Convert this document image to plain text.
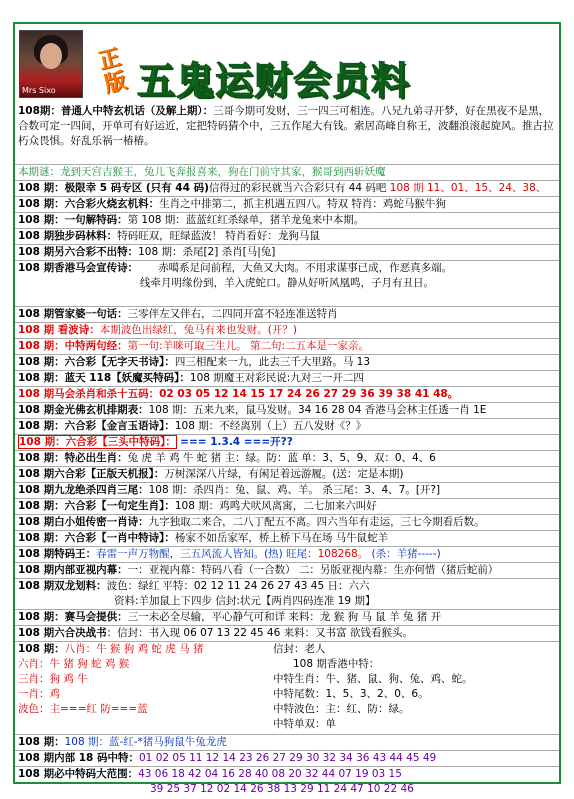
Mrs Sixo
正版 五鬼运财会员料
108期：普通人中特玄机话（及解上期）：三哥今期可发财，三一四三可相连。八兄九弟寻开梦，好在黑夜不是黑，合数可定一四间，开单可有好运近，定把特码猜个中，三五作尾大有钱。索居高峰自称王，波翻浪滚起旋风。推古拉朽众畏惧。好乱乐祸一椿椿。
本期谜：龙到天宫吉猴王，兔儿飞奔报喜来，狗在门前守其家，猴哥到西斩妖魔
108 期：极限幸 5 码专区 (只有 44 码)信得过的彩民就当六合彩只有 44 码吧 108 期 11、01、15、24、38、
108 期：六合彩火烧玄机料：生肖之中排第二，抓主机遇五四八。特双 特肖：鸡蛇马猴牛狗
108 期：一句解特码：第 108 期：蓝蓝红红杀绿单，猪羊龙兔来中本期。
108 期独步码林料：特码旺双，旺绿蓝波！ 特肖看好：龙狗马鼠
108 期另六合彩不出特：108 期：杀尾[2] 杀肖[马|兔]
108 期香港马会宣传诗： 赤噶系足问前程，大鱼又大肉。不用求谋事已成，作恶真多端。
线牵月明缘份到，羊入虎蛇口。静从好听风凰鸣，子月有丑日。
108 期管家婆一句话：三零伴左又伴右，二四同开富不轻连准送特肖
108 期 看波诗：本期波色出绿红，兔马有来也发财。(开？)
108 期：中特两句经：第一句:羊咪可取三生儿。 第二句:二五本是一家亲。
108 期：六合彩【无字天书诗】：四三相配来一九，此去三千大里路。马 13
108 期：蓝天 118【妖魔买特码】：108 期魔王对彩民说:九对三一开二四
108 期马会杀肖和杀十五码：02 03 05 12 14 15 17 24 26 27 29 36 39 38 41 48。
108 期金光佛玄机排期表：108 期：五来九来，鼠马发财。34 16 28 04 香港马会林主任透一肖 1E
108 期：六合彩【金言玉语诗】：108 期：不经离别（上）五八发财《？》
108 期：六合彩【三头中特码】： === 1.3.4 ===开??
108 期：特必出生肖：兔 虎 羊 鸡 牛 蛇 猪 主：绿。防：蓝 单：3、5、9、双：0、4、6
108 期六合彩【正版天机报】：万树深深八片绿，有闲足着远游履。(送：定是本期)
108 期九龙绝杀四肖三尾：108 期：杀四肖：兔、鼠、鸡、羊。 杀三尾：3、4、7。[开?]
108 期：六合彩【一句定生肖】：108 期：鸡鸣犬吠风离寓，二七加来六叫好
108 期白小姐传密一肖诗：九字独取二来合，二八丁配五不离。四六当年有走运，三七今期看后数。
108 期：六合彩【一肖中特诗】：杨家不如岳家军，桥上桥下马在场 马牛鼠蛇羊
108 期特码王：春雷一声万物醒，三五风流人皆知。(热) 旺尾：108268。 (杀：羊猪-----)
108 期内部亚视内幕：一：亚视内幕：特码八看（一合数） 二：另版亚视内幕：生亦何惜（猪后蛇前）
108 期双龙划料：波色：绿红 平特：02 12 11 24 26 27 43 45 日：六六
资料:羊加鼠上下四步 信封:状元【两肖四码连准 19 期】
108 期：赛马会提供：三一未必全尽输，平心静气可和详 来料：龙 猴 狗 马 鼠 羊 兔 猪 开
108 期六合决战书：信封：书入现 06 07 13 22 45 46 来料：又书富 欲钱看猴头。
108 期：八肖：牛 猴 狗 鸡 蛇 虎 马 猪
六肖：牛 猪 狗 蛇 鸡 猴
三肖：狗 鸡 牛
一肖：鸡
波色：主===红 防===蓝
信封：老人
108 期香港中特：
中特生肖：牛、猪、鼠、狗、兔、鸡、蛇。
中特尾数：1、5、3、2、0、6。
中特波色：主：红、防：绿。
中特单双：单
108 期：108 期：蓝-红-*猪马狗鼠牛兔龙虎
108 期内部 18 码中特：01 02 05 11 12 14 23 26 27 29 30 32 34 36 43 44 45 49
108 期必中特码大范围：43 06 18 42 04 16 28 40 08 20 32 44 07 19 03 15
39 25 37 12 02 14 26 38 13 29 11 24 47 10 22 46
